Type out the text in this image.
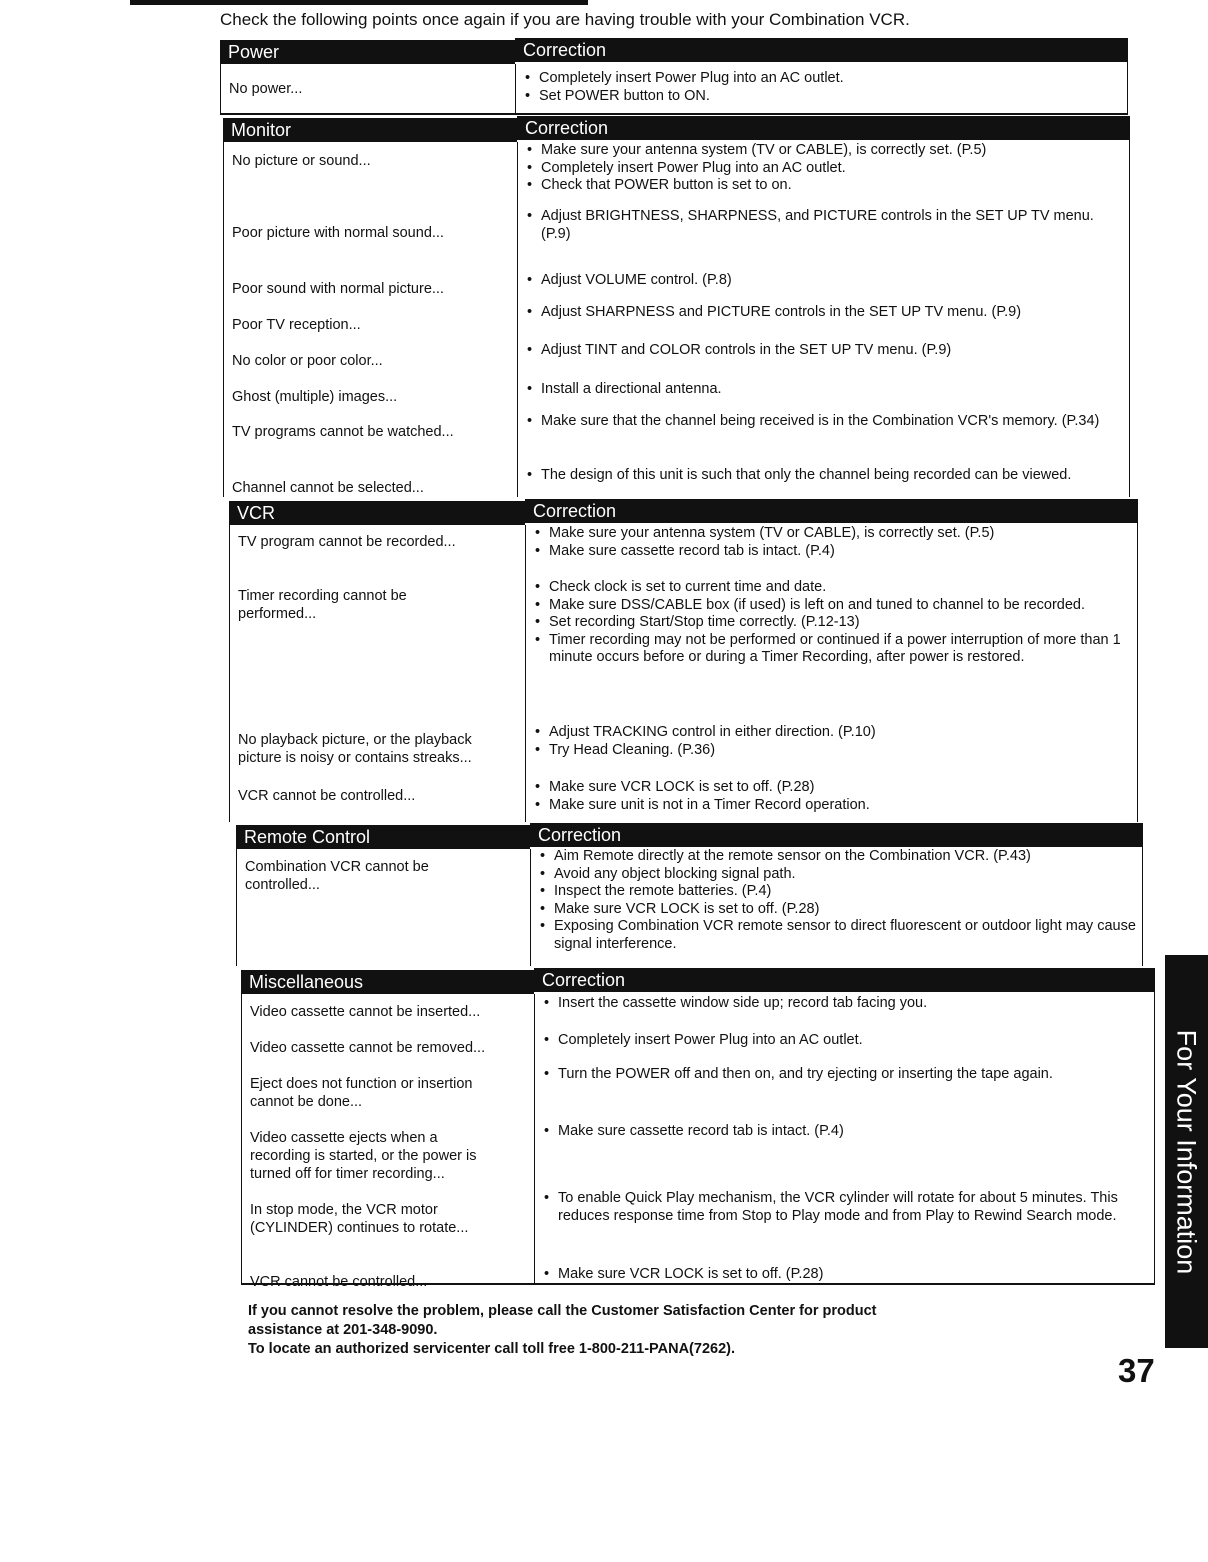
Check the following points once again if you are having trouble with your Combination VCR.
Power	Correction
No power...
• Completely insert Power Plug into an AC outlet.
• Set POWER button to ON.
Monitor	Correction
No picture or sound...
• Make sure your antenna system (TV or CABLE), is correctly set. (P.5)
• Completely insert Power Plug into an AC outlet.
• Check that POWER button is set to on.
Poor picture with normal sound...
• Adjust BRIGHTNESS, SHARPNESS, and PICTURE controls in the SET UP TV menu. (P.9)
Poor sound with normal picture...
• Adjust VOLUME control. (P.8)
Poor TV reception...
• Adjust SHARPNESS and PICTURE controls in the SET UP TV menu. (P.9)
No color or poor color...
• Adjust TINT and COLOR controls in the SET UP TV menu. (P.9)
Ghost (multiple) images...	• Install a directional antenna.
TV programs cannot be watched...
• Make sure that the channel being received is in the Combination VCR's memory. (P.34)
Channel cannot be selected...
• The design of this unit is such that only the channel being recorded can be viewed.
VCR	Correction
TV program cannot be recorded...
• Make sure your antenna system (TV or CABLE), is correctly set. (P.5)
• Make sure cassette record tab is intact. (P.4)
Timer recording cannot be
performed...
• Check clock is set to current time and date.
• Make sure DSS/CABLE box (if used) is left on and tuned to channel to be recorded.
• Set recording Start/Stop time correctly. (P.12-13)
• Timer recording may not be performed or continued if a power interruption of more than 1 minute occurs before or during a Timer Recording, after power is restored.
No playback picture, or the playback
picture is noisy or contains streaks...
• Adjust TRACKING control in either direction. (P.10)
• Try Head Cleaning. (P.36)
VCR cannot be controlled...
• Make sure VCR LOCK is set to off. (P.28)
• Make sure unit is not in a Timer Record operation.
Remote Control	Correction
Combination VCR cannot be
controlled...
• Aim Remote directly at the remote sensor on the Combination VCR. (P.43)
• Avoid any object blocking signal path.
• Inspect the remote batteries. (P.4)
• Make sure VCR LOCK is set to off. (P.28)
• Exposing Combination VCR remote sensor to direct fluorescent or outdoor light may cause signal interference.
Miscellaneous	Correction
Video cassette cannot be inserted...
• Insert the cassette window side up; record tab facing you.
Video cassette cannot be removed...	• Completely insert Power Plug into an AC outlet.
Eject does not function or insertion
cannot be done...
• Turn the POWER off and then on, and try ejecting or inserting the tape again.
Video cassette ejects when a
recording is started, or the power is
turned off for timer recording...
• Make sure cassette record tab is intact. (P.4)
In stop mode, the VCR motor
(CYLINDER) continues to rotate...
• To enable Quick Play mechanism, the VCR cylinder will rotate for about 5 minutes. This reduces response time from Stop to Play mode and from Play to Rewind Search mode.
VCR cannot be controlled...	• Make sure VCR LOCK is set to off. (P.28)
If you cannot resolve the problem, please call the Customer Satisfaction Center for product
assistance at 201-348-9090.
To locate an authorized servicenter call toll free 1-800-211-PANA(7262).
For Your Information
37
